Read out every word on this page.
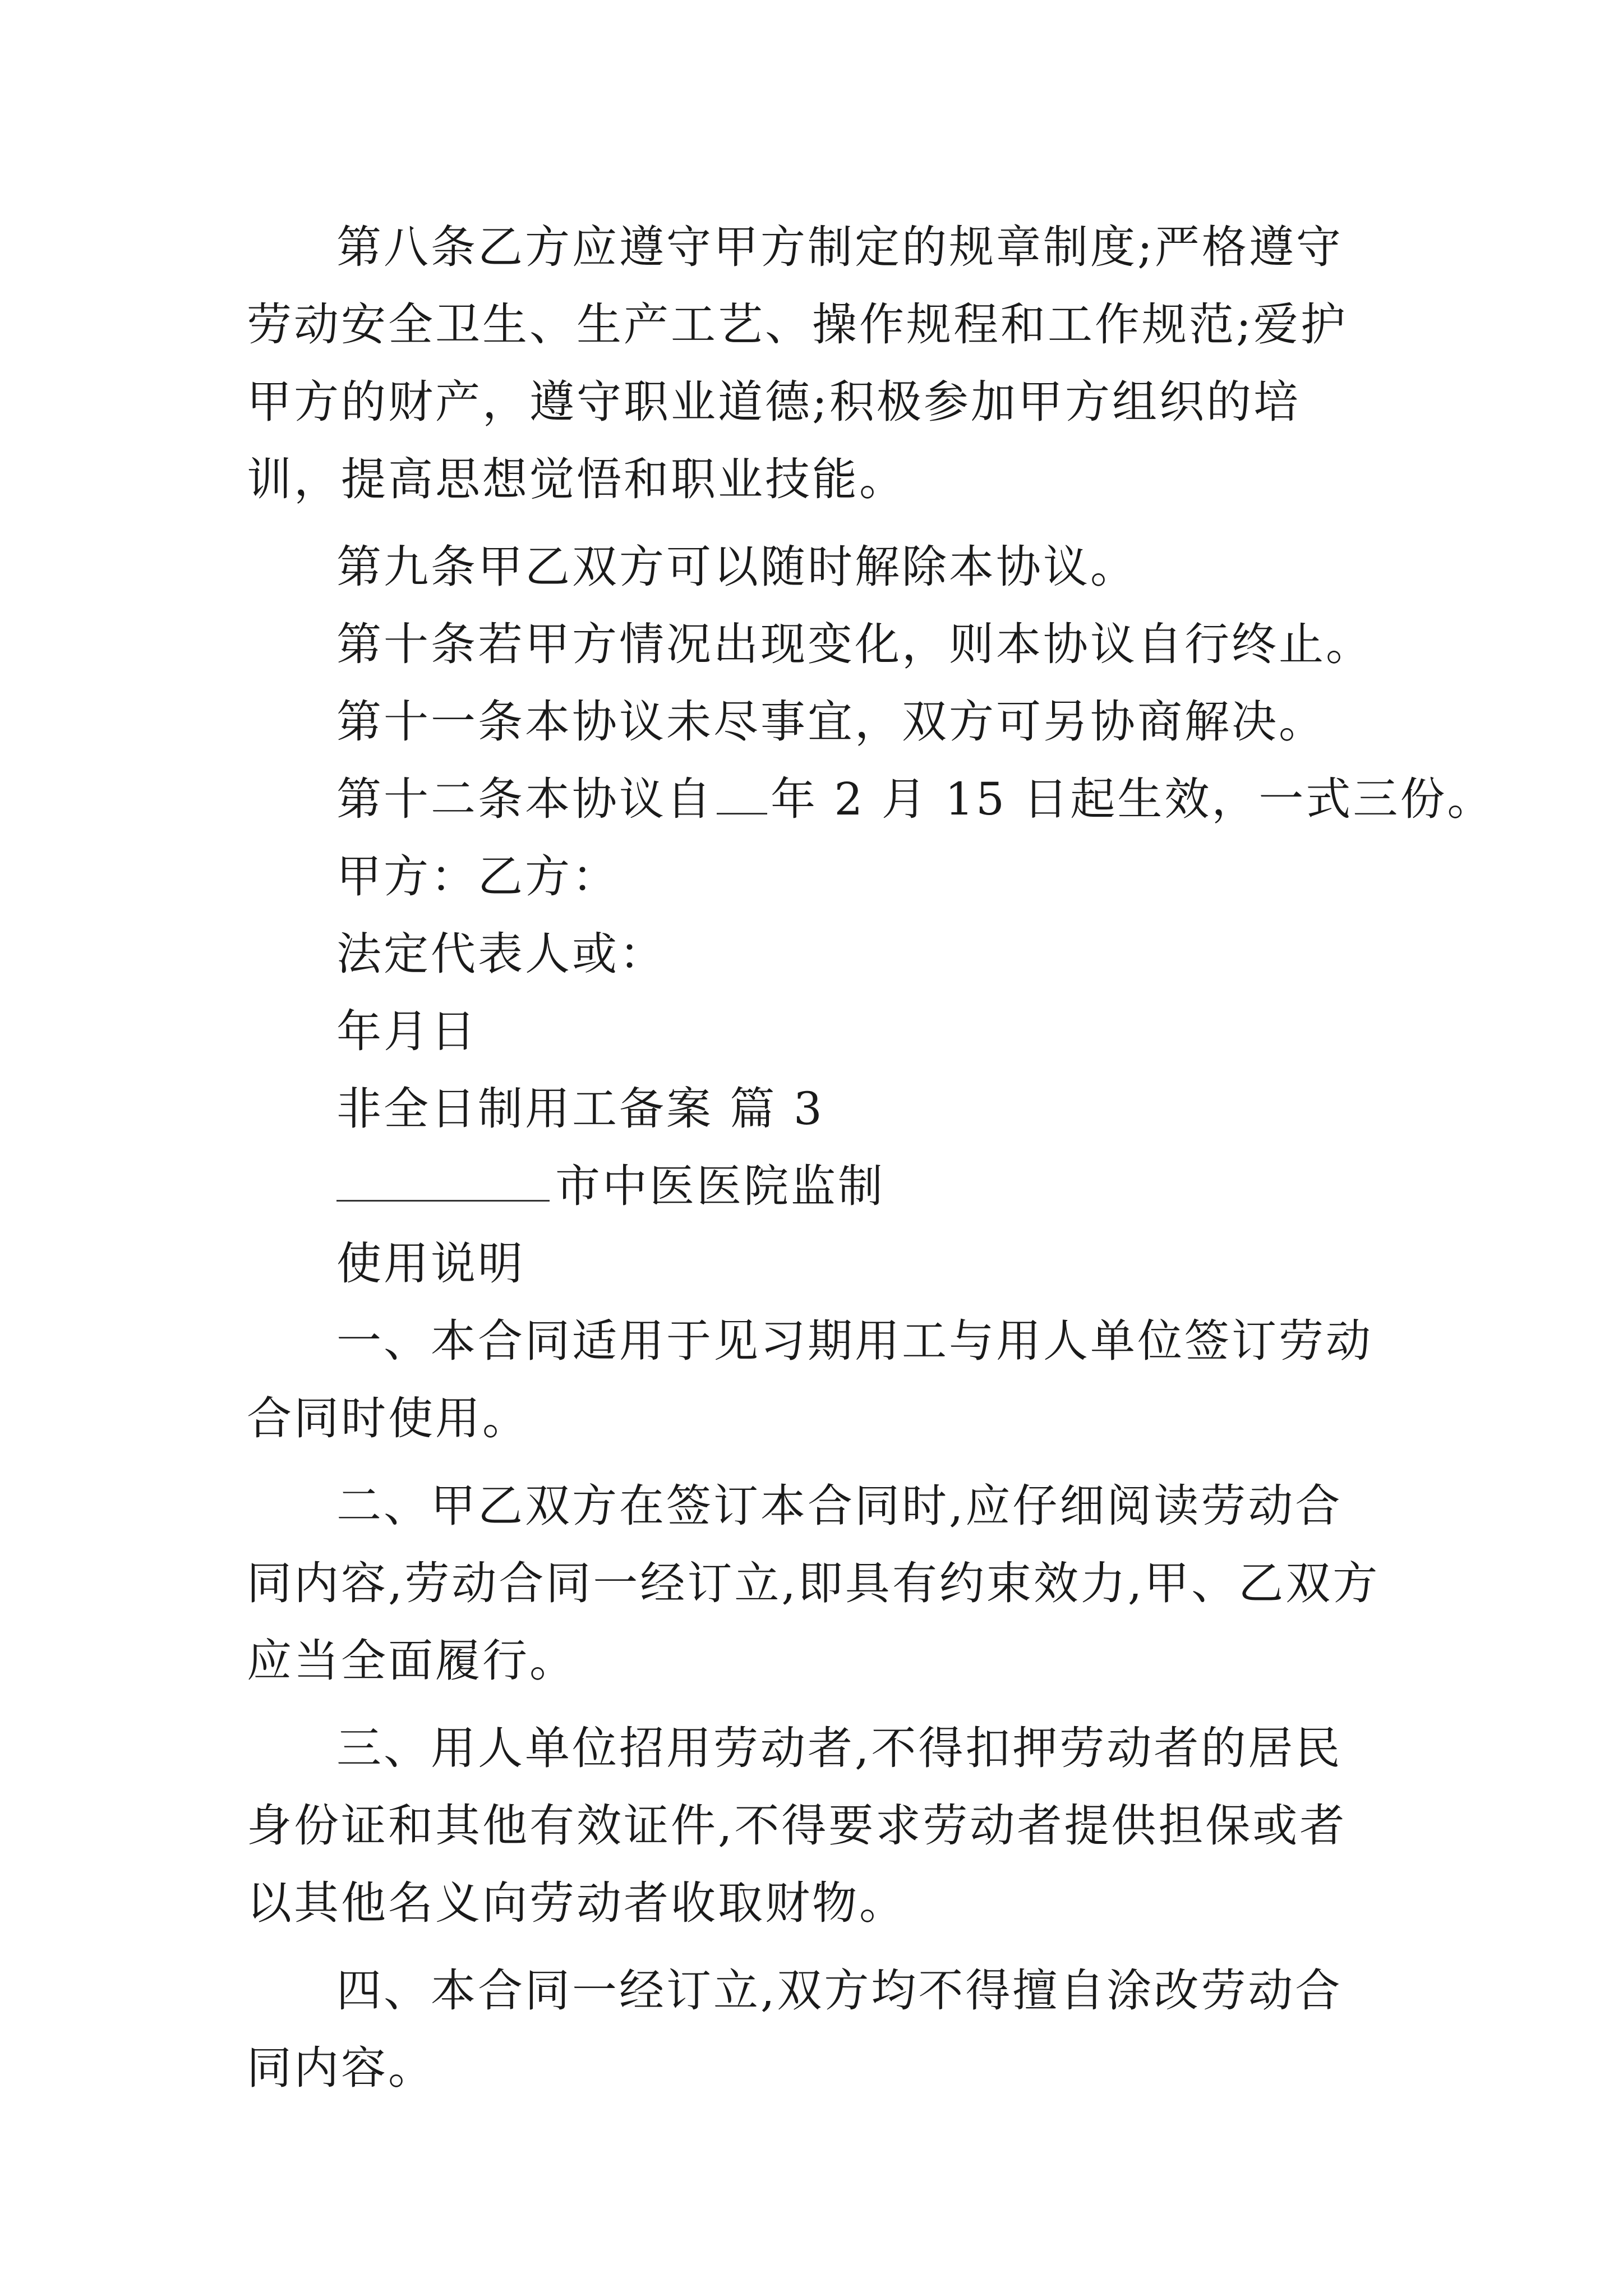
第八条乙方应遵守甲方制定的规章制度;严格遵守劳动安全卫生、生产工艺、操作规程和工作规范;爱护甲方的财产，遵守职业道德;积极参加甲方组织的培训，提高思想觉悟和职业技能。

第九条甲乙双方可以随时解除本协议。

第十条若甲方情况出现变化，则本协议自行终止。

第十一条本协议未尽事宜，双方可另协商解决。

第十二条本协议自 年 2 月 15 日起生效，一式三份。

甲方：乙方：

法定代表人或：

年月日

非全日制用工备案 篇 3

市中医医院监制

使用说明

一、本合同适用于见习期用工与用人单位签订劳动合同时使用。

二、甲乙双方在签订本合同时,应仔细阅读劳动合同内容,劳动合同一经订立,即具有约束效力,甲、乙双方应当全面履行。

三、用人单位招用劳动者,不得扣押劳动者的居民身份证和其他有效证件,不得要求劳动者提供担保或者以其他名义向劳动者收取财物。

四、本合同一经订立,双方均不得擅自涂改劳动合同内容。
